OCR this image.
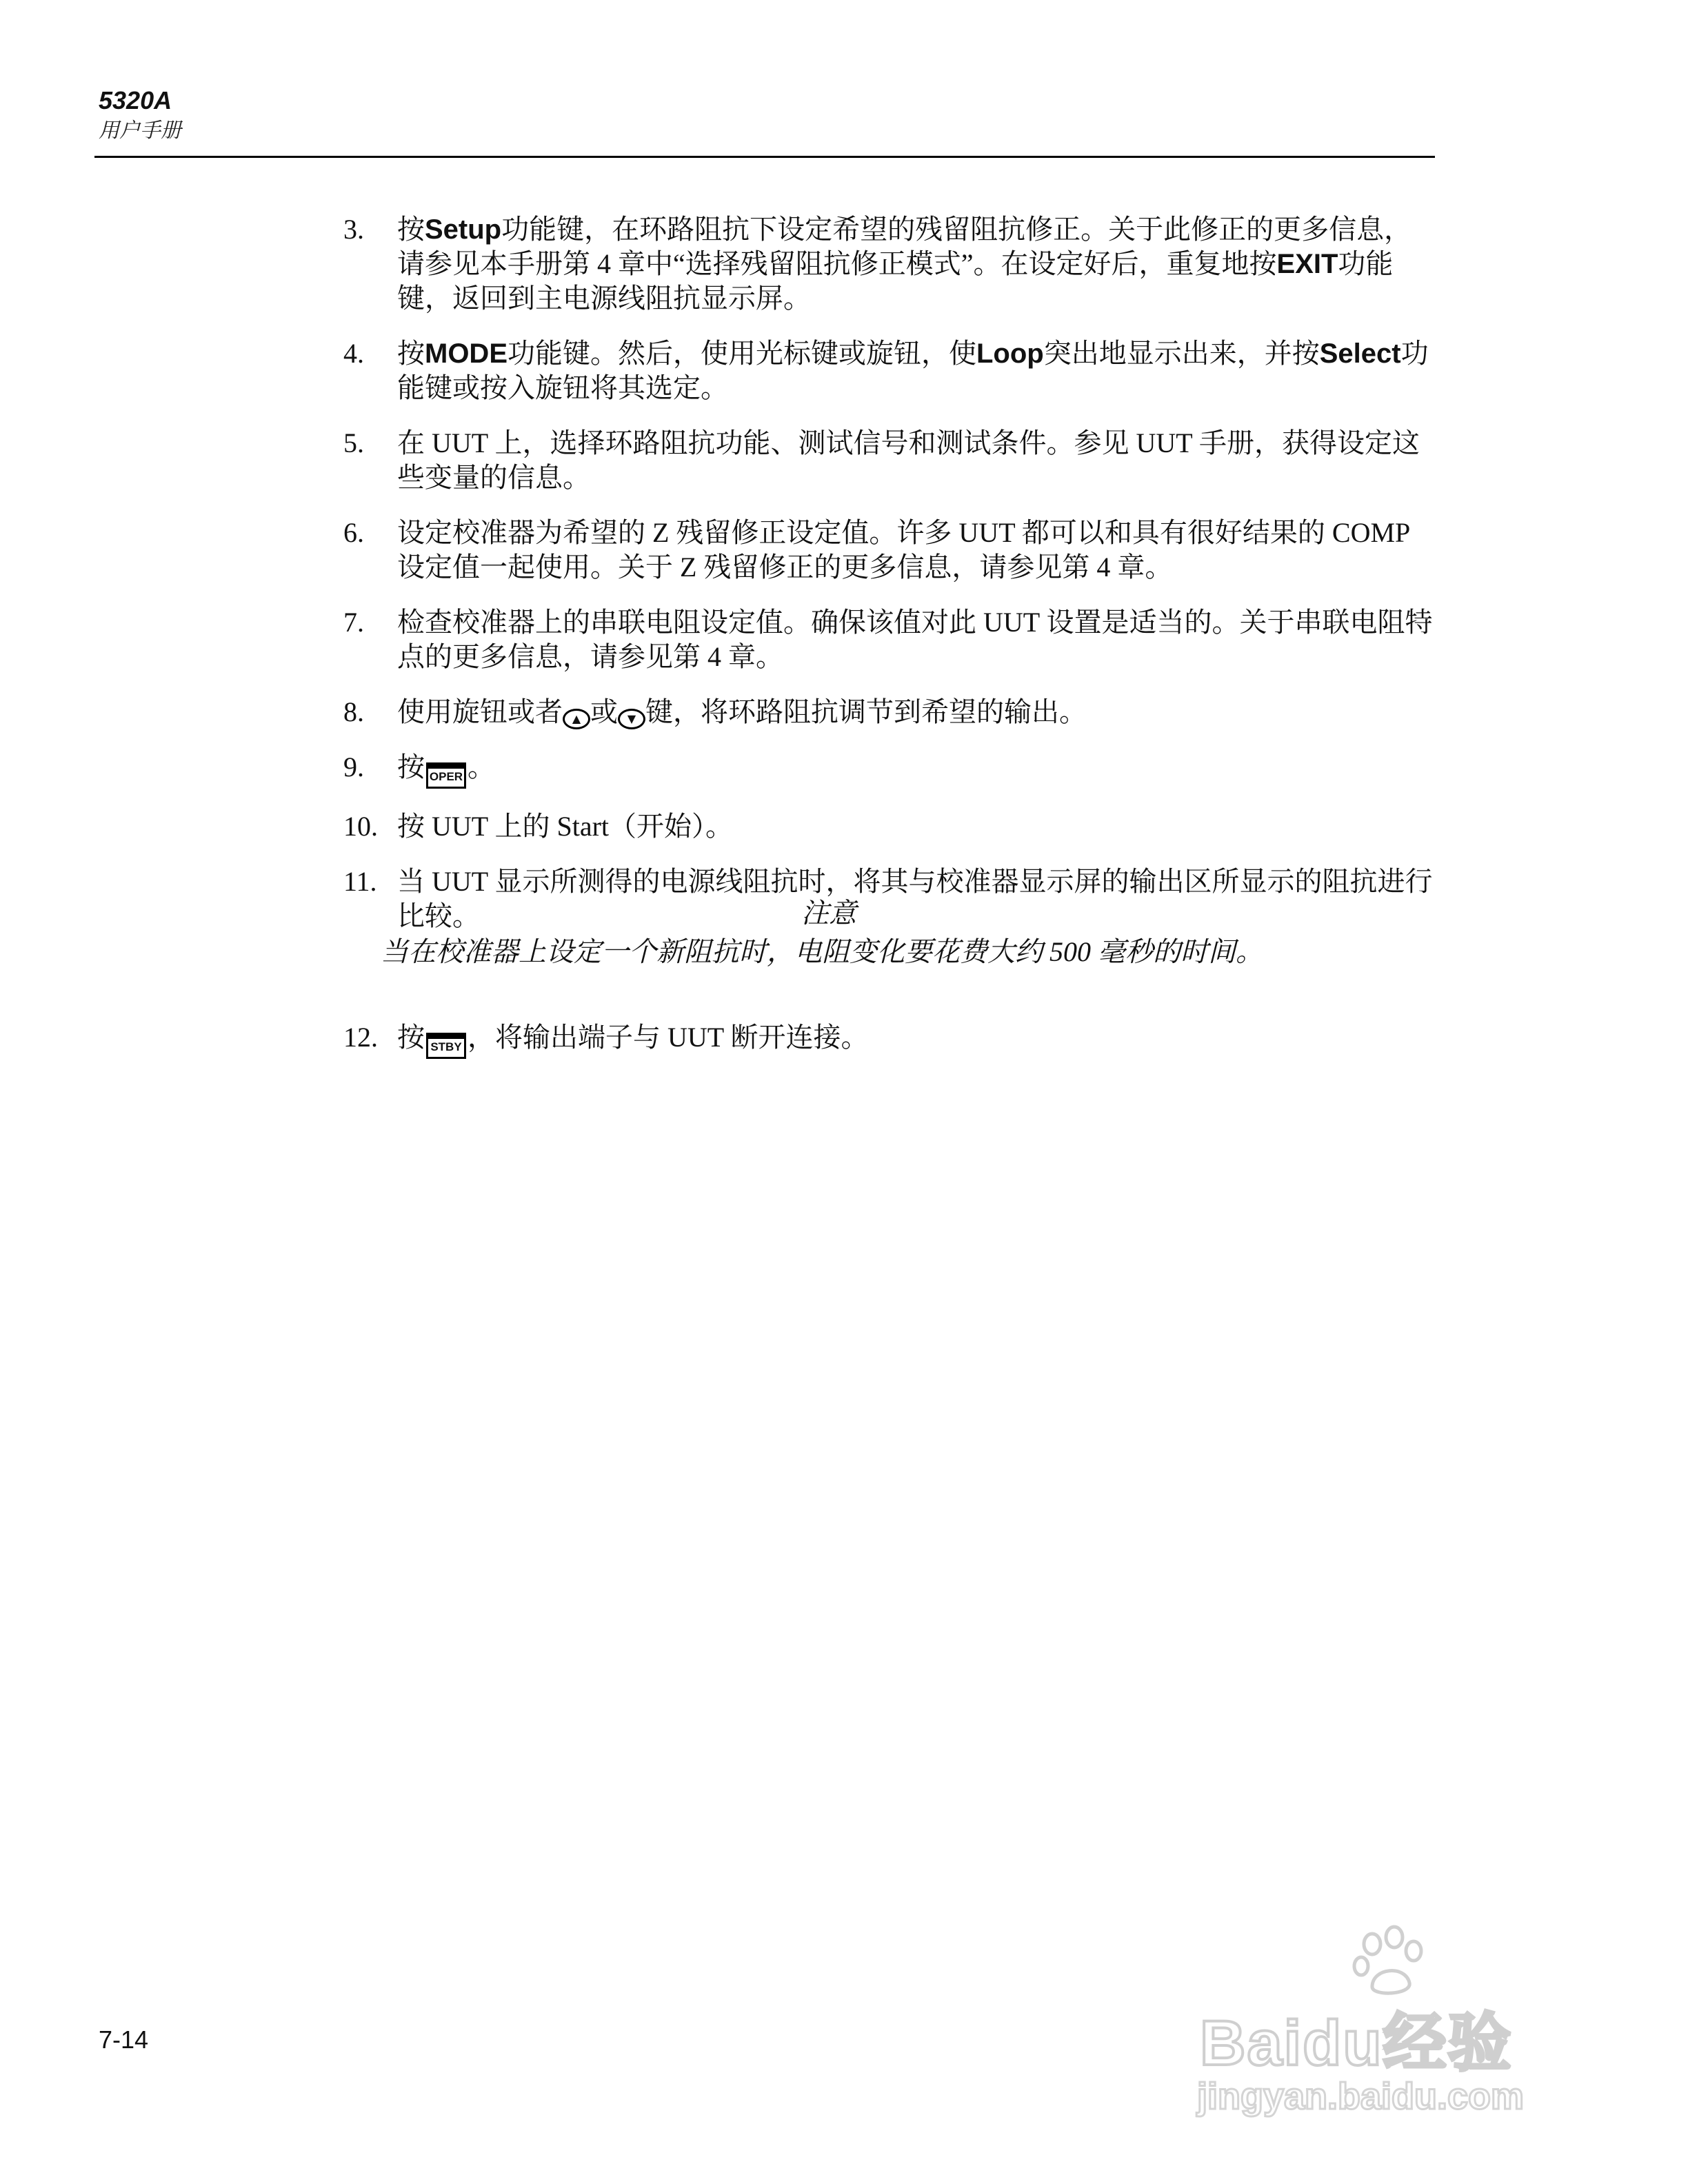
5320A
用户手册
3. 按Setup功能键，在环路阻抗下设定希望的残留阻抗修正。关于此修正的更多信息，请参见本手册第 4 章中“选择残留阻抗修正模式”。在设定好后，重复地按EXIT功能键，返回到主电源线阻抗显示屏。
4. 按MODE功能键。然后，使用光标键或旋钮，使Loop突出地显示出来，并按Select功能键或按入旋钮将其选定。
5. 在 UUT 上，选择环路阻抗功能、测试信号和测试条件。参见 UUT 手册，获得设定这些变量的信息。
6. 设定校准器为希望的 Z 残留修正设定值。许多 UUT 都可以和具有很好结果的 COMP 设定值一起使用。关于 Z 残留修正的更多信息，请参见第 4 章。
7. 检查校准器上的串联电阻设定值。确保该值对此 UUT 设置是适当的。关于串联电阻特点的更多信息，请参见第 4 章。
8. 使用旋钮或者 ▲ 或 ▼ 键，将环路阻抗调节到希望的输出。
9. 按 OPER 。
10. 按 UUT 上的 Start（开始）。
11. 当 UUT 显示所测得的电源线阻抗时，将其与校准器显示屏的输出区所显示的阻抗进行比较。	注意
当在校准器上设定一个新阻抗时，电阻变化要花费大约 500 毫秒的时间。
12. 按 STBY ，将输出端子与 UUT 断开连接。
7-14	Baidu经验
jingyan.baidu.com
